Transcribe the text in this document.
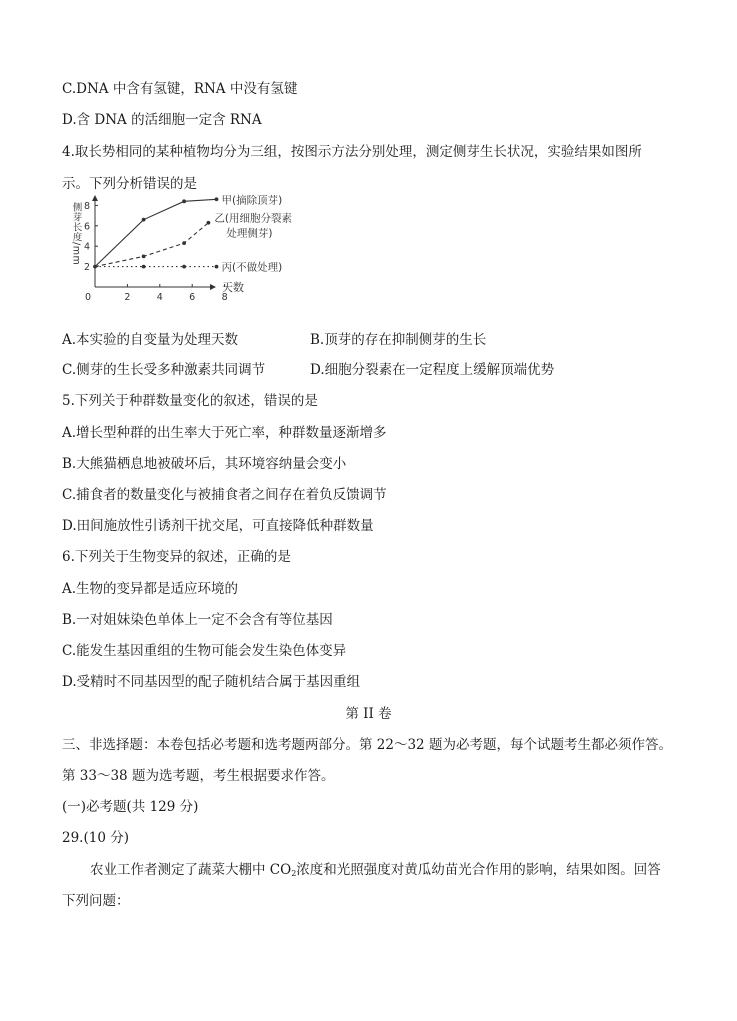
C.DNA 中含有氢键，RNA 中没有氢键
D.含 DNA 的活细胞一定含 RNA
4.取长势相同的某种植物均分为三组，按图示方法分别处理，测定侧芽生长状况，实验结果如图所
示。下列分析错误的是
2
4
6
8
2	4	6	8
0
天数
侧芽长度/mm
甲(摘除顶芽)
乙(用细胞分裂素
处理侧芽)
丙(不做处理)
A.本实验的自变量为处理天数	B.顶芽的存在抑制侧芽的生长
C.侧芽的生长受多种激素共同调节	D.细胞分裂素在一定程度上缓解顶端优势
5.下列关于种群数量变化的叙述，错误的是
A.增长型种群的出生率大于死亡率，种群数量逐渐增多
B.大熊猫栖息地被破坏后，其环境容纳量会变小
C.捕食者的数量变化与被捕食者之间存在着负反馈调节
D.田间施放性引诱剂干扰交尾，可直接降低种群数量
6.下列关于生物变异的叙述，正确的是
A.生物的变异都是适应环境的
B.一对姐妹染色单体上一定不会含有等位基因
C.能发生基因重组的生物可能会发生染色体变异
D.受精时不同基因型的配子随机结合属于基因重组
第 II 卷
三、非选择题：本卷包括必考题和选考题两部分。第 22～32 题为必考题，每个试题考生都必须作答。
第 33～38 题为选考题，考生根据要求作答。
(一)必考题(共 129 分)
29.(10 分)
农业工作者测定了蔬菜大棚中 $CO_2$浓度和光照强度对黄瓜幼苗光合作用的影响，结果如图。回答
下列问题：
